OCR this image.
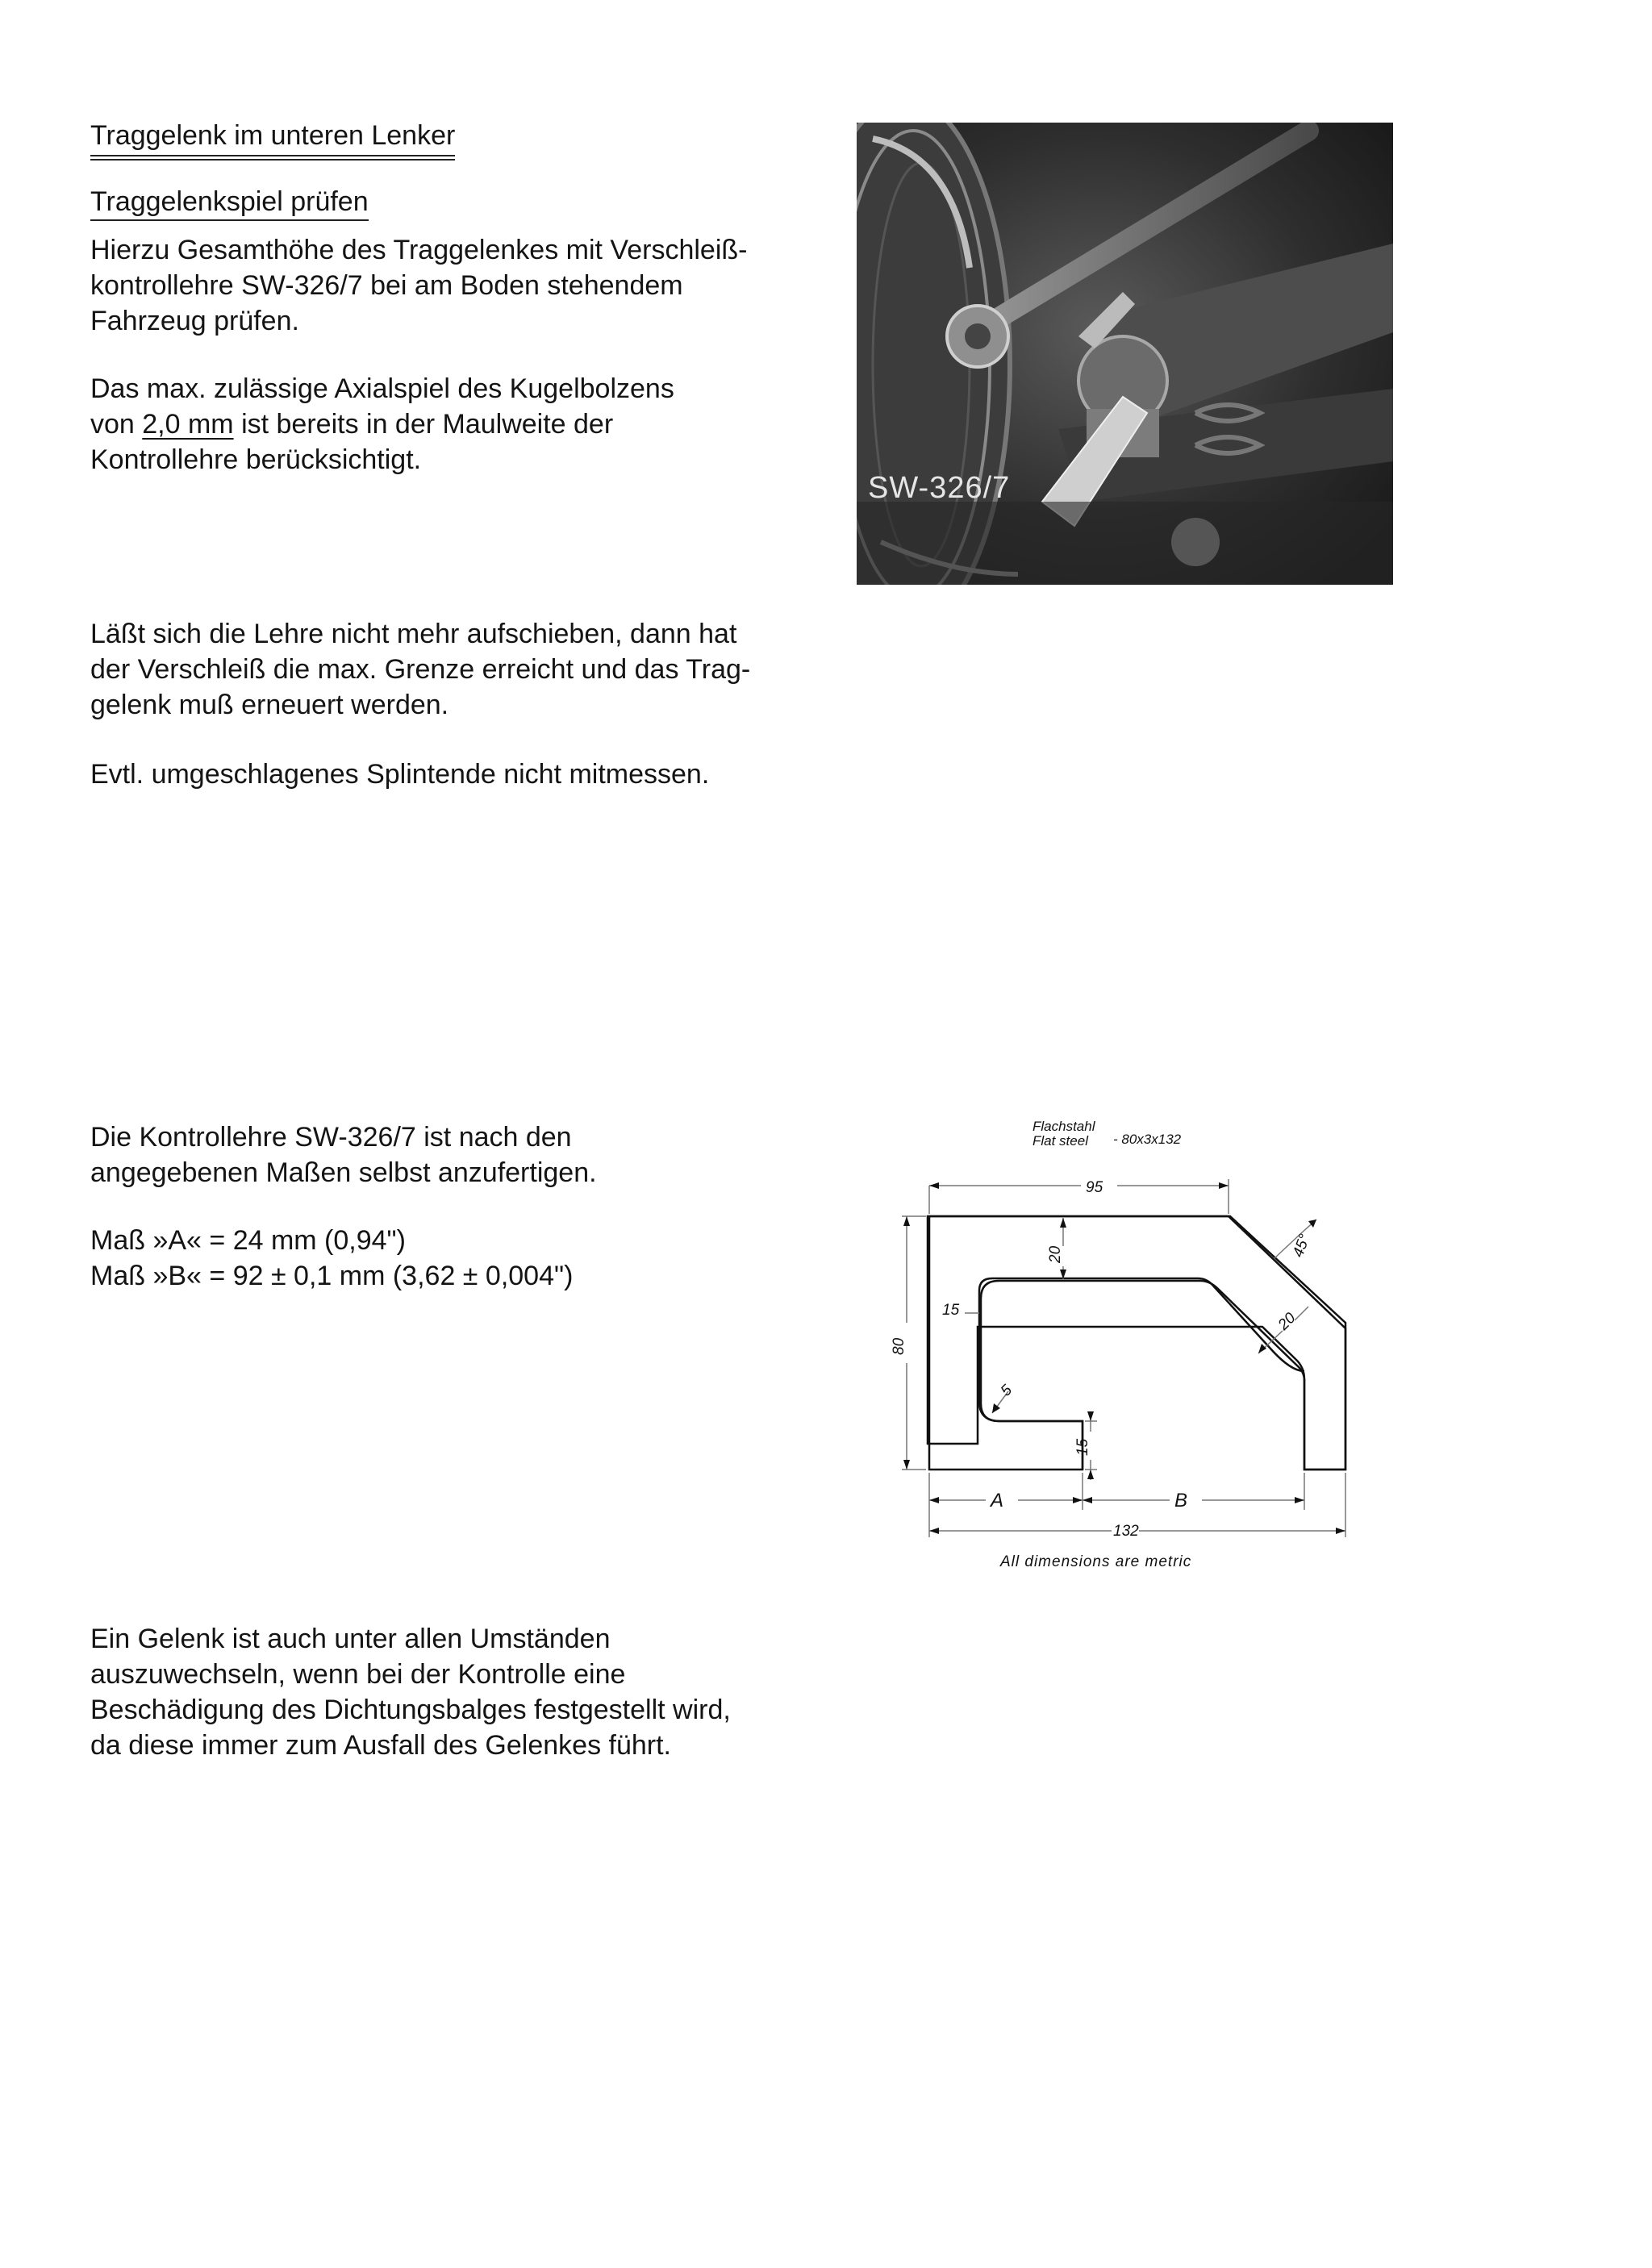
Traggelenk im unteren Lenker
Traggelenkspiel prüfen

Hierzu Gesamthöhe des Traggelenkes mit Verschleiß-

kontrollehre SW-326/7 bei am Boden stehendem

Fahrzeug prüfen.

Das max. zulässige Axialspiel des Kugelbolzens

von 2,0 mm ist bereits in der Maulweite der

Kontrollehre berücksichtigt.

SW-326/7

Läßt sich die Lehre nicht mehr aufschieben, dann hat

der Verschleiß die max. Grenze erreicht und das Trag-

gelenk muß erneuert werden.

Evtl. umgeschlagenes Splintende nicht mitmessen.

Die Kontrollehre SW-326/7 ist nach den

angegebenen Maßen selbst anzufertigen.

Maß »A« = 24 mm (0,94")

Maß »B« = 92 ± 0,1 mm (3,62 ± 0,004")

Ein Gelenk ist auch unter allen Umständen

auszuwechseln, wenn bei der Kontrolle eine

Beschädigung des Dichtungsbalges festgestellt wird,

da diese immer zum Ausfall des Gelenkes führt.

Flachstahl
Flat steel - 80x3x132
95
20	45°
15
80
20
5
15
A	B
132
All dimensions are metric
